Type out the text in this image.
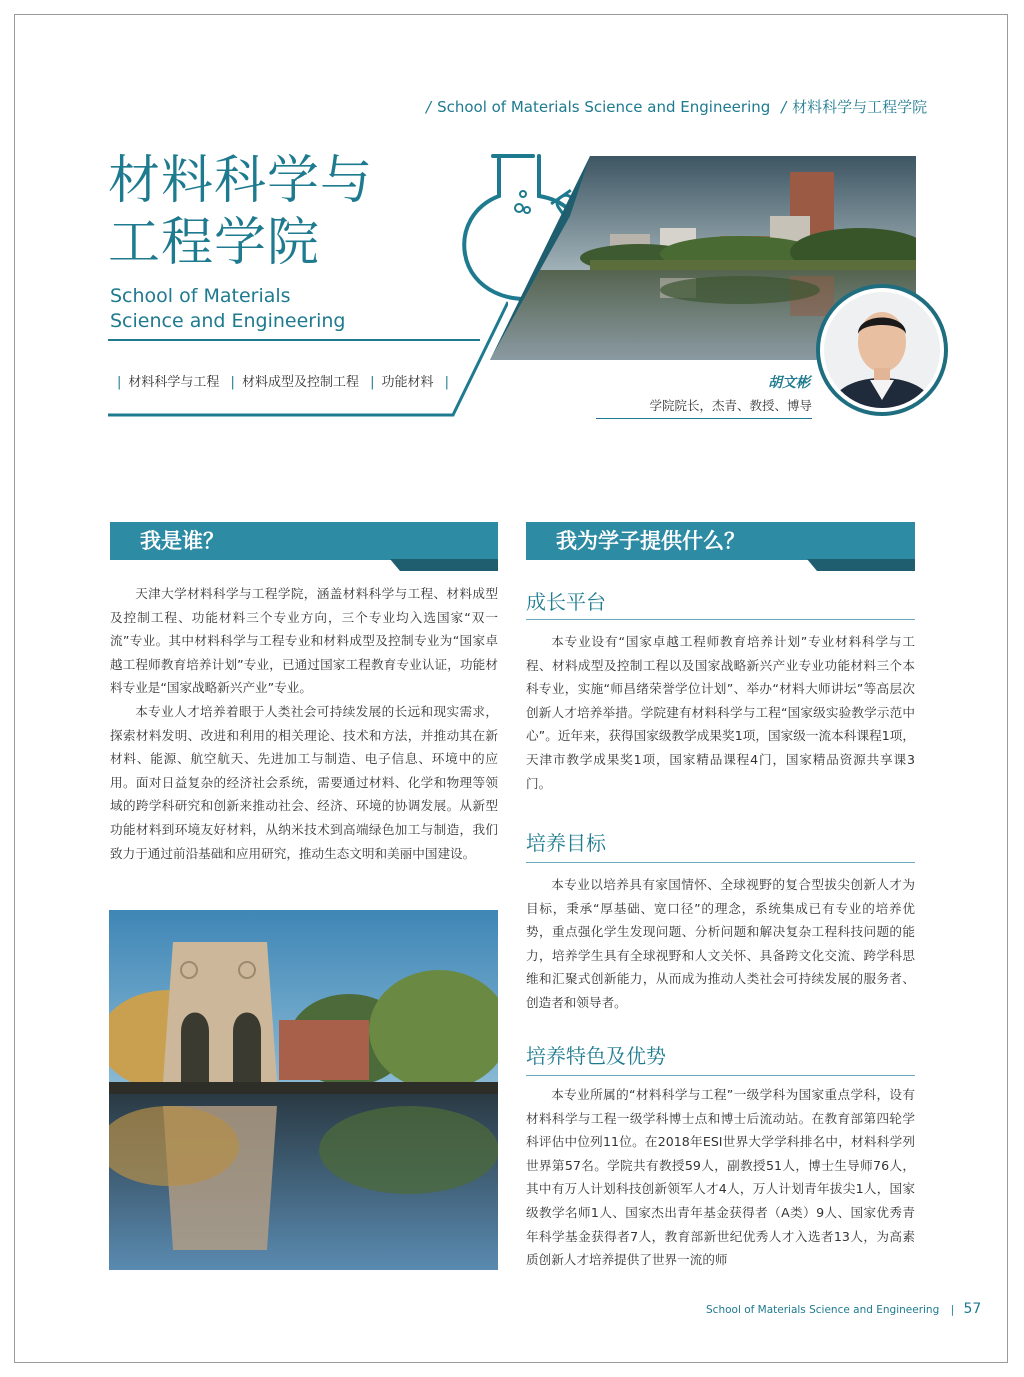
/ School of Materials Science and Engineering / 材料科学与工程学院
材料科学与
工程学院
School of Materials
Science and Engineering
| 材料科学与工程 | 材料成型及控制工程 | 功能材料 |	胡文彬
学院院长，杰青、教授、博导
我是谁？

天津大学材料科学与工程学院，涵盖材料科学与工程、材料成型及控制工程、功能材料三个专业方向，三个专业均入选国家“双一流”专业。其中材料科学与工程专业和材料成型及控制专业为“国家卓越工程师教育培养计划”专业，已通过国家工程教育专业认证，功能材料专业是“国家战略新兴产业”专业。

本专业人才培养着眼于人类社会可持续发展的长远和现实需求，探索材料发明、改进和利用的相关理论、技术和方法，并推动其在新材料、能源、航空航天、先进加工与制造、电子信息、环境中的应用。面对日益复杂的经济社会系统，需要通过材料、化学和物理等领域的跨学科研究和创新来推动社会、经济、环境的协调发展。从新型功能材料到环境友好材料，从纳米技术到高端绿色加工与制造，我们致力于通过前沿基础和应用研究，推动生态文明和美丽中国建设。

我为学子提供什么？
成长平台

本专业设有“国家卓越工程师教育培养计划”专业材料科学与工程、材料成型及控制工程以及国家战略新兴产业专业功能材料三个本科专业，实施“师昌绪荣誉学位计划”、举办“材料大师讲坛”等高层次创新人才培养举措。学院建有材料科学与工程“国家级实验教学示范中心”。近年来，获得国家级教学成果奖1项，国家级一流本科课程1项，天津市教学成果奖1项，国家精品课程4门，国家精品资源共享课3门。

培养目标

本专业以培养具有家国情怀、全球视野的复合型拔尖创新人才为目标，秉承“厚基础、宽口径”的理念，系统集成已有专业的培养优势，重点强化学生发现问题、分析问题和解决复杂工程科技问题的能力，培养学生具有全球视野和人文关怀、具备跨文化交流、跨学科思维和汇聚式创新能力，从而成为推动人类社会可持续发展的服务者、创造者和领导者。

培养特色及优势

本专业所属的“材料科学与工程”一级学科为国家重点学科，设有材料科学与工程一级学科博士点和博士后流动站。在教育部第四轮学科评估中位列11位。在2018年ESI世界大学学科排名中，材料科学列世界第57名。学院共有教授59人，副教授51人，博士生导师76人，其中有万人计划科技创新领军人才4人，万人计划青年拔尖1人，国家级教学名师1人、国家杰出青年基金获得者（A类）9人、国家优秀青年科学基金获得者7人，教育部新世纪优秀人才入选者13人，为高素质创新人才培养提供了世界一流的师

School of Materials Science and Engineering | 57
